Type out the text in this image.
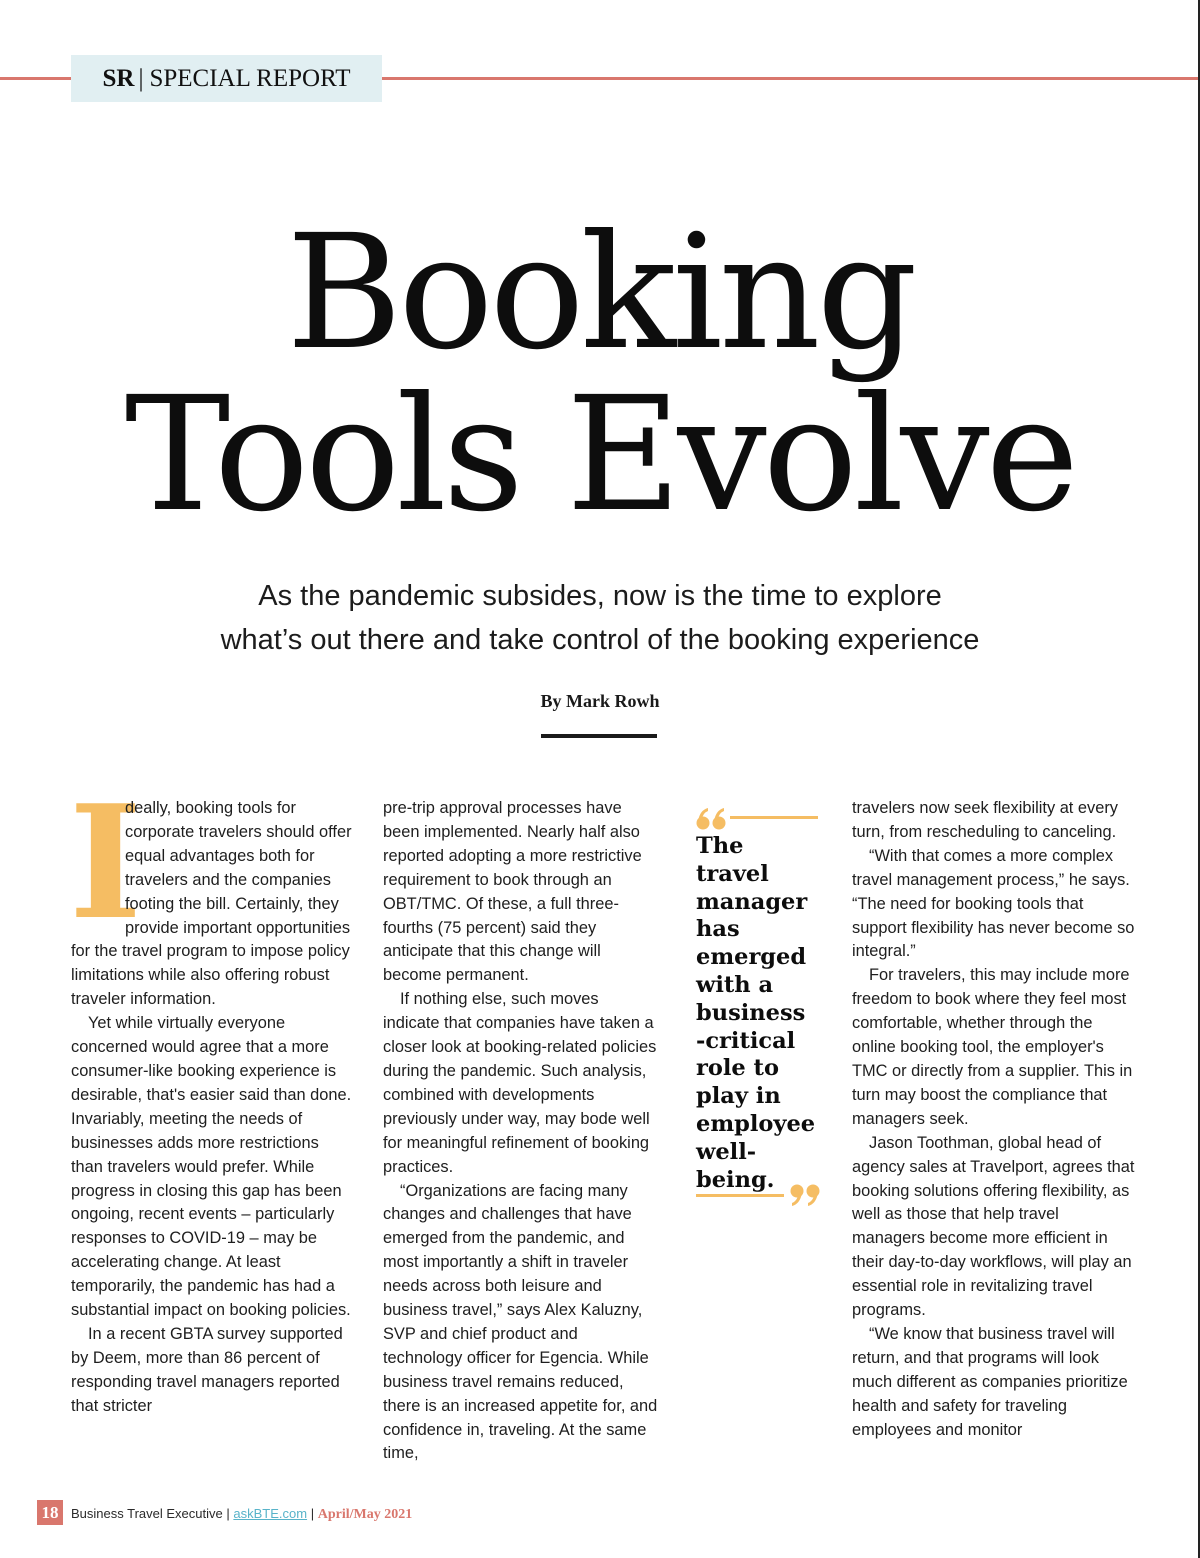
SR | SPECIAL REPORT
Booking
Tools Evolve
As the pandemic subsides, now is the time to explore
what’s out there and take control of the booking experience
By Mark Rowh

I
deally, booking tools for corporate travelers should offer equal advantages both for travelers and the companies footing the bill. Certainly, they provide important opportunities for the travel program to impose policy limitations while also offering robust traveler information.

Yet while virtually everyone concerned would agree that a more consumer-like booking experience is desirable, that's easier said than done. Invariably, meeting the needs of businesses adds more restrictions than travelers would prefer. While progress in closing this gap has been ongoing, recent events – particularly responses to COVID-19 – may be accelerating change. At least temporarily, the pandemic has had a substantial impact on booking policies.

In a recent GBTA survey supported by Deem, more than 86 percent of responding travel managers reported that stricter

pre-trip approval processes have been implemented. Nearly half also reported adopting a more restrictive requirement to book through an OBT/TMC. Of these, a full three-fourths (75 percent) said they anticipate that this change will become permanent.

If nothing else, such moves indicate that companies have taken a closer look at booking-related policies during the pandemic. Such analysis, combined with developments previously under way, may bode well for meaningful refinement of booking practices.

“Organizations are facing many changes and challenges that have emerged from the pandemic, and most importantly a shift in traveler needs across both leisure and business travel,” says Alex Kaluzny, SVP and chief product and technology officer for Egencia. While business travel remains reduced, there is an increased appetite for, and confidence in, traveling. At the same time,

The
travel
manager
has
emerged
with a
business
-critical
role to
play in
employee
well-being.

travelers now seek flexibility at every turn, from rescheduling to canceling.

“With that comes a more complex travel management process,” he says. “The need for booking tools that support flexibility has never become so integral.”

For travelers, this may include more freedom to book where they feel most comfortable, whether through the online booking tool, the employer's TMC or directly from a supplier. This in turn may boost the compliance that managers seek.

Jason Toothman, global head of agency sales at Travelport, agrees that booking solutions offering flexibility, as well as those that help travel managers become more efficient in their day-to-day workflows, will play an essential role in revitalizing travel programs.

“We know that business travel will return, and that programs will look much different as companies prioritize health and safety for traveling employees and monitor

18 Business Travel Executive | askBTE.com | April/May 2021
